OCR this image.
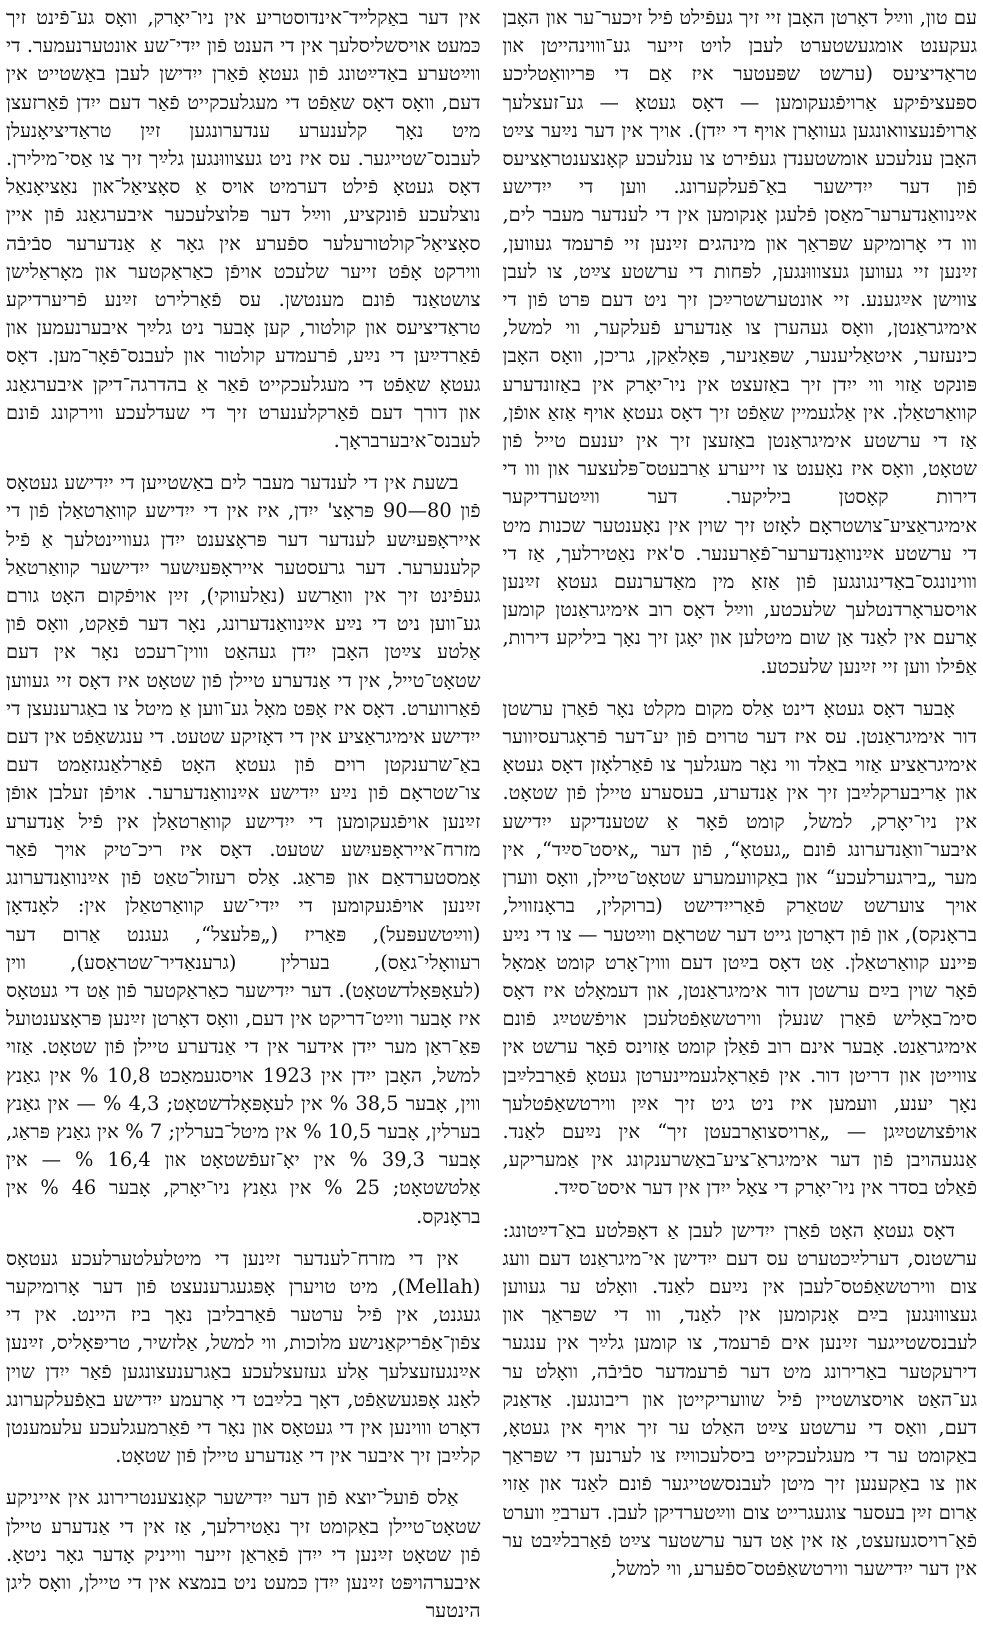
עם טון, ווײַל דאָרטן האָבן זיי זיך געפֿילט פֿיל זיכער־ער און האָבן געקענט אומגעשטערט לעבן לויט זייער גע־וווינהייטן און טראַדיציעס (ערשט שפּעטער איז אַם די פּריוואַטליכע ספּעציפֿיקע אַרויפֿגעקומען — דאָס געטאָ — גע־זעצלעך אַרויפֿנעצוואונגען געוואָרן אויף די ייִדן). אויך אין דער נײַער צײַט האָבן ענלעכע אומשטענדן געפֿירט צו ענלעכע קאָנצענטראַציעס פֿון דער ייִדישער באַ־פֿעלקערונג. ווען די ייִדישע אײַנוואַנדערער־מאַסן פֿלעגן אָנקומען אין די לענדער מעבר לים, ווו די אָרומיקע שפּראַך און מינהגים זײַנען זיי פֿרעמד געווען, זײַנען זיי געווען געצוווּנגען, לפּחות די ערשטע צײַט, צו לעבן צווישן אײַגענע. זיי אונטערשטרײַכן זיך ניט דעם פּרט פֿון די אימיגראַנטן, וואָס געהערן צו אַנדערע פֿעלקער, ווי למשל, כינעזער, איטאַליענער, שפּאַניער, פּאָלאַקן, גריכן, וואָס האָבן פּונקט אַזוי ווי ייִדן זיך באַזעצט אין ניו־יאָרק אין באַזונדערע קוואַרטאַלן. אין אַלגעמיין שאַפֿט זיך דאָס געטאָ אויף אַזאַ אופֿן, אַז די ערשטע אימיגראַנטן באַזעצן זיך אין יענעם טייל פֿון שטאָט, וואָס איז נאָענט צו זייערע אַרבעטס־פּלעצער און ווו די דירות קאָסטן ביליקער. דער ווײַטערדיקער אימיגראַציע־צושטראָם לאָזט זיך שוין אין נאָענטער שכנות מיט די ערשטע אײַנוואַנדערער־פֿאַרענער. ס'איז נאַטירלעך, אַז די וווינונגס־באַדינגונגען פֿון אַזאַ מין מאַדערנעם געטאָ זײַנען אויסעראָרדנטלעך שלעכטע, ווײַל דאָס רוב אימיגראַנטן קומען אָרעם אין לאַנד אַן שום מיטלען און יאָגן זיך נאָך ביליקע דירות, אַפֿילו ווען זיי זײַנען שלעכטע.

אָבער דאָס געטאָ דינט אַלס מקום מקלט נאָר פֿאַרן ערשטן דור אימיגראַנטן. עס איז דער טרוים פֿון יע־דער פֿראָגרעסיווער אימיגראַציע אַזוי באַלד ווי נאָר מעגלעך צו פֿאַרלאָזן דאָס געטאָ און אַריבערקלײַבן זיך אין אַנדערע, בעסערע טיילן פֿון שטאָט. אין ניו־יאָרק, למשל, קומט פֿאָר אַ שטענדיקע ייִדישע איבער־וואַנדערונג פֿונם „געטאָ“, פֿון דער „איסט־סײַד“, אין מער „בירגערלעכע“ און באַקוועמערע שטאָט־טיילן, וואָס ווערן אויך צוערשט שטאַרק פֿאַרייִדישט (ברוקלין, בראָנזוויל, בראָנקס), און פֿון דאָרטן גייט דער שטראָם ווײַטער — צו די נײַע פּיינע קוואַרטאַלן. אַט דאָס בײַטן דעם וווין־אָרט קומט אַמאָל פֿאָר שוין בײַם ערשטן דור אימיגראַנטן, און דעמאָלט איז דאָס סימ־באָליש פֿאַרן שנעלן ווירטשאַפֿטלעכן אויפֿשטײַג פֿונם אימיגראַנט. אָבער אינם רוב פֿאַלן קומט אַזוינס פֿאָר ערשט אין צווייטן און דריטן דור. אין פֿאַראָלגעמײנערטן געטאָ פֿאַרבלײַבן נאָך יענע, וועמען איז ניט גיט זיך אײַן ווירטשאַפֿטלעך אויפֿצושטײַגן — „אַרויסצואַרבעטן זיך“ אין נײַעם לאַנד. אַנגעהויבן פֿון דער אימיגראַ־ציע־באַשרענקונג אין אַמעריקע, פֿאַלט בסדר אין ניו־יאָרק די צאָל ייִדן אין דער איסט־סײַד.

דאָס געטאָ האָט פֿאַרן ייִדישן לעבן אַ דאָפּלטע באַ־דײַטונג: ערשטנס, דערלײַכטערט עס דעם ייִדישן אי־מיגראַנט דעם וועג צום ווירטשאַפֿטס־לעבן אין נײַעם לאַנד. וואָלט ער געווען געצוווּנגען בײַם אָנקומען אין לאַנד, ווו די שפּראַך און לעבנסשטייגער זײַנען אים פֿרעמד, צו קומען גלײַך אין ענגער דירעקטער באַרירונג מיט דער פֿרעמדער סבֿיבֿה, וואָלט ער גע־האַט אויסצושטיין פֿיל שוועריקייטן און ריבונגען. אַדאַנק דעם, וואָס די ערשטע צײַט האַלט ער זיך אויף אין געטאָ, באַקומט ער די מעגלעכקייט ביסלעכווײַז צו לערנען די שפּראַך און צו באַקענען זיך מיטן לעבנסשטייגער פֿונם לאַנד און אַזוי אַרום זײַן בעסער צוגעגרייט צום ווײַטערדיקן לעבן. דערבײַ ווערט פֿאַ־רויסגעזעצט, אַז אין אַט דער ערשטער צײַט פֿאַרבלײַבט ער אין דער ייִדישער ווירטשאַפֿטס־ספֿערע, ווי למשל,

אין דער באַקלײד־אינדוסטריע אין ניו־יאָרק, וואָס גע־פֿינט זיך כּמעט אויסשליסלעך אין די הענט פֿון ייִדי־שע אונטערנעמער. די ווײַטערע באַדײַטונג פֿון געטאָ פֿאַרן ייִדישן לעבן באַשטייט אין דעם, וואָס דאָס שאַפֿט די מעגלעכקייט פֿאַר דעם ייִדן פֿאַרזעצן מיט נאָך קלענערע ענדערונגען זײַן טראַדיציאָנעלן לעבנס־שטייגער. עס איז ניט געצוווּנגען גלײַך זיך צו אַסי־מילירן. דאָס געטאָ פֿילט דערמיט אויס אַ סאָציאַל־און נאַציאָנאַל נוצלעכע פֿונקציע, ווײַל דער פּלוצלעכער איבערגאַנג פֿון איין סאָציאַל־קולטורעלער ספֿערע אין גאָר אַ אַנדערער סבֿיבֿה ווירקט אָפֿט זייער שלעכט אויפֿן כאַראַקטער און מאָראַלישן צושטאַנד פֿונם מענטשן. עס פֿאַרלירט זײַנע פֿריערדיקע טראַדיציעס און קולטור, קען אָבער ניט גלײַך איבערנעמען און פֿאַרדײַען די נײַע, פֿרעמדע קולטור און לעבנס־פֿאָר־מען. דאָס געטאָ שאַפֿט די מעגלעכקייט פֿאַר אַ בהדרגה־דיקן איבערגאַנג און דורך דעם פֿאַרקלענערט זיך די שעדלעכע ווירקונג פֿונם לעבנס־איבערבראָך.

בשעת אין די לענדער מעבר לים באַשטייען די ייִדישע געטאָס פֿון 80—90 פּראָצ' ייִדן, איז אין די ייִדישע קוואַרטאַלן פֿון די אייראָפּעיִשע לענדער דער פּראָצענט ייִדן געוויינטלעך אַ פֿיל קלענערער. דער גרעסטער אייראָפּעיִשער ייִדישער קוואַרטאַל געפֿינט זיך אין וואַרשע (נאַלעווקי), זײַן אויפֿקום האָט גורם גע־ווען ניט די נײַע אײַנוואַנדערונג, נאָר דער פֿאַקט, וואָס פֿון אַלטע צײַטן האָבן ייִדן געהאַט וווין־רעכט נאָר אין דעם שטאָט־טייל, אין די אַנדערע טיילן פֿון שטאָט איז דאָס זיי געווען פֿאַרווערט. דאָס איז אָפּט מאָל גע־ווען אַ מיטל צו באַגרענעצן די ייִדישע אימיגראַציע אין די דאָזיקע שטעט. די ענגשאַפֿט אין דעם באַ־שרענקטן רוים פֿון געטאָ האָט פֿאַרלאַנגזאַמט דעם צו־שטראָם פֿון נײַע ייִדישע אײַנוואַנדערער. אויפֿן זעלבן אופֿן זײַנען אויפֿגעקומען די ייִדישע קוואַרטאַלן אין פֿיל אַנדערע מזרח־אייראָפּעיִשע שטעט. דאָס איז ריכ־טיק אויך פֿאַר אַמסטערדאַם און פּראַג. אַלס רעזול־טאַט פֿון אײַנוואַנדערונג זײַנען אויפֿגעקומען די ייִדי־שע קוואַרטאַלן אין: לאָנדאָן (ווײַטשעפּעל), פּאַריז („פּלעצל“, געגנט אַרום דער רעוואָלי־גאַס), בערלין (גרענאַדיר־שטראַסע), ווין (לעאָפּאָלדשטאָט). דער ייִדישער כאַראַקטער פֿון אַט די געטאָס איז אָבער ווײַט־דריקט אין דעם, וואָס דאָרטן זײַנען פּראָצענטועל פּאַ־ראַן מער ייִדן אידער אין די אַנדערע טיילן פֿון שטאָט. אַזוי למשל, האָבן ייִדן אין 1923 אויסגעמאַכט 10,8 % אין גאַנץ ווין, אָבער 38,5 % אין לעאָפּאָלדשטאָט; 4,3 % — אין גאַנץ בערלין, אָבער 10,5 % אין מיטל־בערלין; 7 % אין גאַנץ פּראַג, אָבער 39,3 % אין יאָ־זעפֿשטאָט און 16,4 % — אין אַלטשטאָט; 25 % אין גאַנץ ניו־יאָרק, אָבער 46 % אין בראָנקס.

אין די מזרח־לענדער זײַנען די מיטלעלטערלעכע געטאָס (Mellah), מיט טויערן אָפּגעגרענעצט פֿון דער אָרומיקער געגנט, אין פֿיל ערטער פֿאַרבליבן נאָך ביז היינט. אין די צפֿון־אַפֿריקאַנישע מלוכות, ווי למשל, אַלזשיר, טריפּאָליס, זײַנען אײַנגעזעצלעך אַלע געזעצלעכע באַגרענעצונגען פֿאַר ייִדן שוין לאַנג אָפּגעשאַפֿט, דאָך בלײַבט די אָרעמע ייִדישע באַפֿעלקערונג דאָרט וווינען אין די געטאָס און נאָר די פֿאַרמעגלעכע עלעמענטן קלײַבן זיך איבער אין די אַנדערע טיילן פֿון שטאָט.

אַלס פֿועל־יוצא פֿון דער ייִדישער קאָנצענטרירונג אין אייניקע שטאָט־טיילן באַקומט זיך נאַטירלעך, אַז אין די אַנדערע טיילן פֿון שטאָט זײַנען די ייִדן פֿאַראַן זייער ווייניק אָדער גאָר ניטאָ. איבערהויפּט זײַנען ייִדן כּמעט ניט בנמצא אין די טיילן, וואָס ליגן הינטער
